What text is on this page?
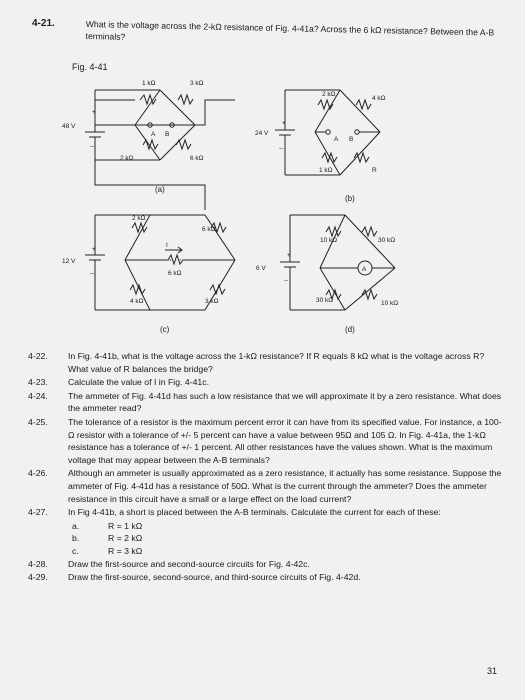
4-21.	What is the voltage across the 2-kΩ resistance of Fig. 4-41a? Across the 6 kΩ resistance? Between the A-B terminals?
Fig. 4-41
1 kΩ	3 kΩ
2 kΩ	6 kΩ
48 V
+
--
A B
(a)
2 kΩ
4 kΩ
1 kΩ	R
24 V
+
--
A B
(b)
2 kΩ
6 kΩ
4 kΩ	3 kΩ
6 kΩ
I
12 V
+
--
(c)
10 kΩ	30 kΩ
30 kΩ	10 kΩ
A
6 V
+
--
(d)
4-22.	In Fig. 4-41b, what is the voltage across the 1-kΩ resistance? If R equals 8 kΩ what is the voltage across R? What value of R balances the bridge?
4-23.	Calculate the value of I in Fig. 4-41c.
4-24.	The ammeter of Fig. 4-41d has such a low resistance that we will approximate it by a zero resistance. What does the ammeter read?
4-25.	The tolerance of a resistor is the maximum percent error it can have from its specified value. For instance, a 100-Ω resistor with a tolerance of +/- 5 percent can have a value between 95Ω and 105 Ω. In Fig. 4-41a, the 1-kΩ resistance has a tolerance of +/- 1 percent. All other resistances have the values shown. What is the maximum voltage that may appear between the A-B terminals?
4-26.	Although an ammeter is usually approximated as a zero resistance, it actually has some resistance. Suppose the ammeter of Fig. 4-41d has a resistance of 50Ω. What is the current through the ammeter? Does the ammeter resistance in this circuit have a small or a large effect on the load current?
4-27.	In Fig 4-41b, a short is placed between the A-B terminals. Calculate the current for each of these:
a.	R = 1 kΩ
b.	R = 2 kΩ
c.	R = 3 kΩ
4-28.	Draw the first-source and second-source circuits for Fig. 4-42c.
4-29.	Draw the first-source, second-source, and third-source circuits of Fig. 4-42d.
31
